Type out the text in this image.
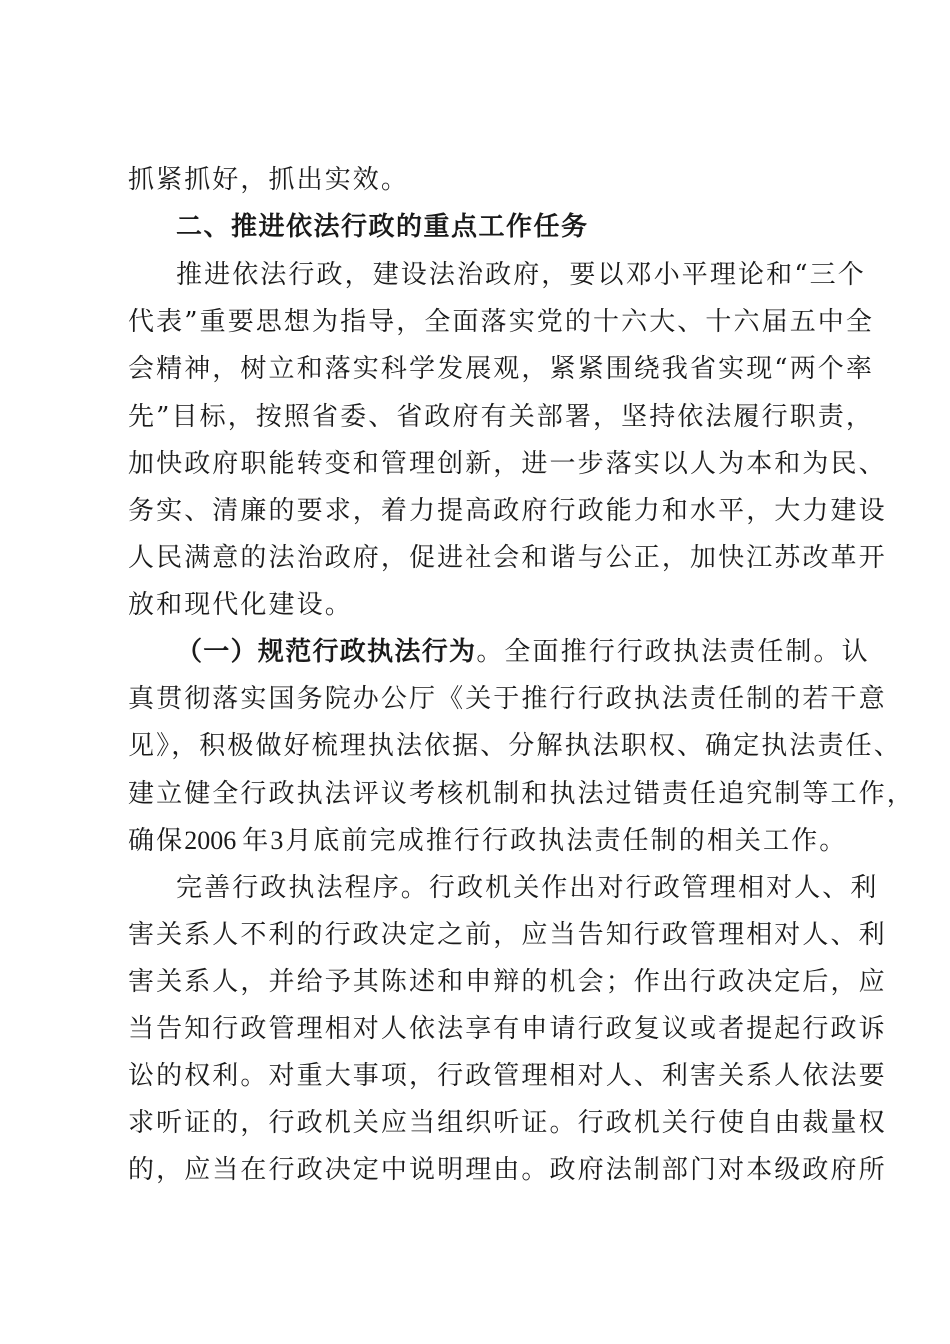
抓紧抓好，抓出实效。
二、推进依法行政的重点工作任务
推进依法行政，建设法治政府，要以邓小平理论和“三个
代表”重要思想为指导，全面落实党的十六大、十六届五中全
会精神，树立和落实科学发展观，紧紧围绕我省实现“两个率
先”目标，按照省委、省政府有关部署，坚持依法履行职责，
加快政府职能转变和管理创新，进一步落实以人为本和为民、
务实、清廉的要求，着力提高政府行政能力和水平，大力建设
人民满意的法治政府，促进社会和谐与公正，加快江苏改革开
放和现代化建设。
（一）规范行政执法行为。全面推行行政执法责任制。认
真贯彻落实国务院办公厅《关于推行行政执法责任制的若干意
见》，积极做好梳理执法依据、分解执法职权、确定执法责任、
建立健全行政执法评议考核机制和执法过错责任追究制等工作，
确保2006 年3月底前完成推行行政执法责任制的相关工作。
完善行政执法程序。行政机关作出对行政管理相对人、利
害关系人不利的行政决定之前，应当告知行政管理相对人、利
害关系人，并给予其陈述和申辩的机会；作出行政决定后，应
当告知行政管理相对人依法享有申请行政复议或者提起行政诉
讼的权利。对重大事项，行政管理相对人、利害关系人依法要
求听证的，行政机关应当组织听证。行政机关行使自由裁量权
的，应当在行政决定中说明理由。政府法制部门对本级政府所
